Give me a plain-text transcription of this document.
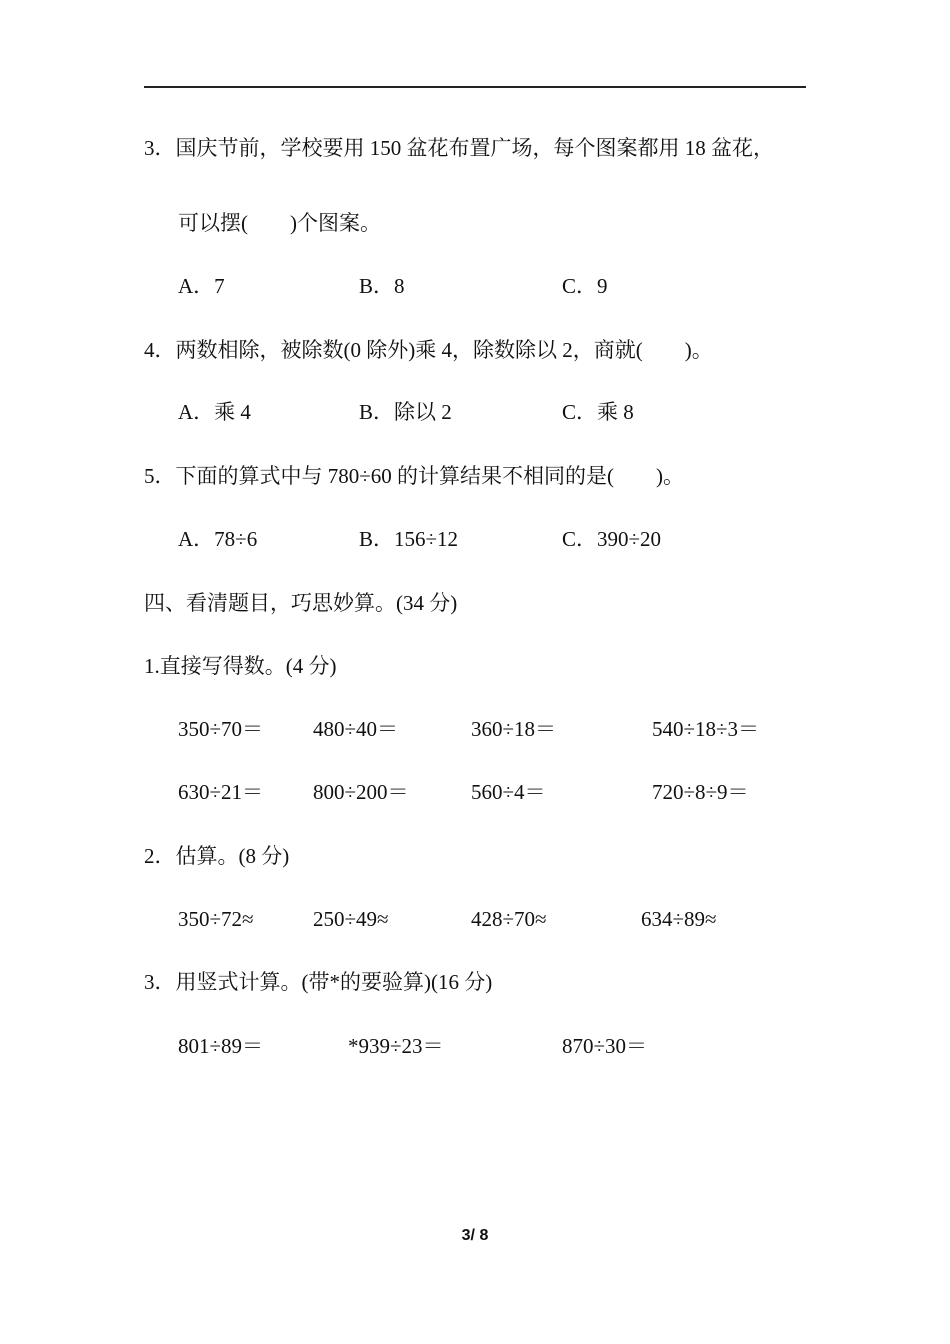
3．国庆节前，学校要用 150 盆花布置广场，每个图案都用 18 盆花，
可以摆(　　)个图案。
A．7	B．8	C．9
4．两数相除，被除数(0 除外)乘 4，除数除以 2，商就(　　)。
A．乘 4	B．除以 2	C．乘 8
5．下面的算式中与 780÷60 的计算结果不相同的是(　　)。
A．78÷6	B．156÷12	C．390÷20
四、看清题目，巧思妙算。(34 分)
1.直接写得数。(4 分)
350÷70＝ 480÷40＝	360÷18＝	540÷18÷3＝
630÷21＝ 800÷200＝	560÷4＝	720÷8÷9＝
2．估算。(8 分)
350÷72≈	250÷49≈	428÷70≈	634÷89≈
3．用竖式计算。(带*的要验算)(16 分)
801÷89＝	*939÷23＝	870÷30＝
3/ 8
